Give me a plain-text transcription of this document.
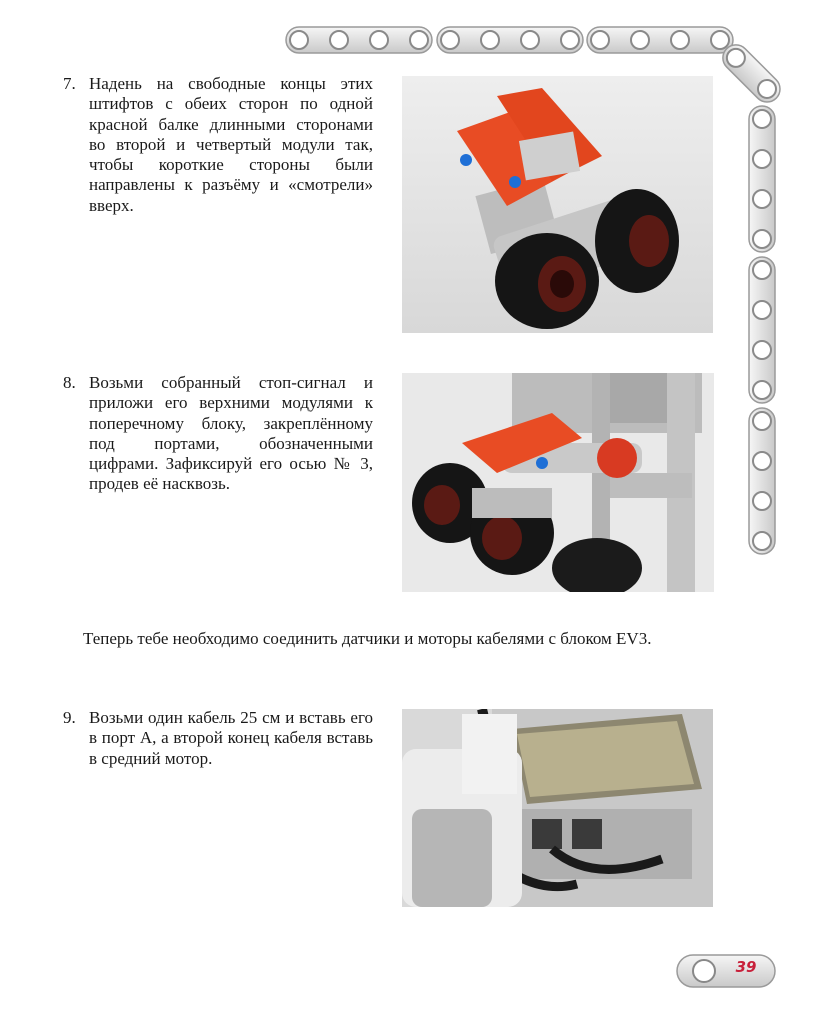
7. Надень на свободные концы этих штифтов с обеих сторон по одной красной балке длинными сторонами во второй и четвертый модули так, чтобы короткие стороны были направлены к разъёму и «смотрели» вверх.
8. Возьми собранный стоп-сигнал и приложи его верхними модулями к поперечному блоку, закреплённому под портами, обозначенными цифрами. Зафиксируй его осью № 3, продев её насквозь.
Теперь тебе необходимо соединить датчики и моторы кабелями с блоком EV3.
9. Возьми один кабель 25 см и вставь его в порт A, а второй конец кабеля вставь в средний мотор.
39
